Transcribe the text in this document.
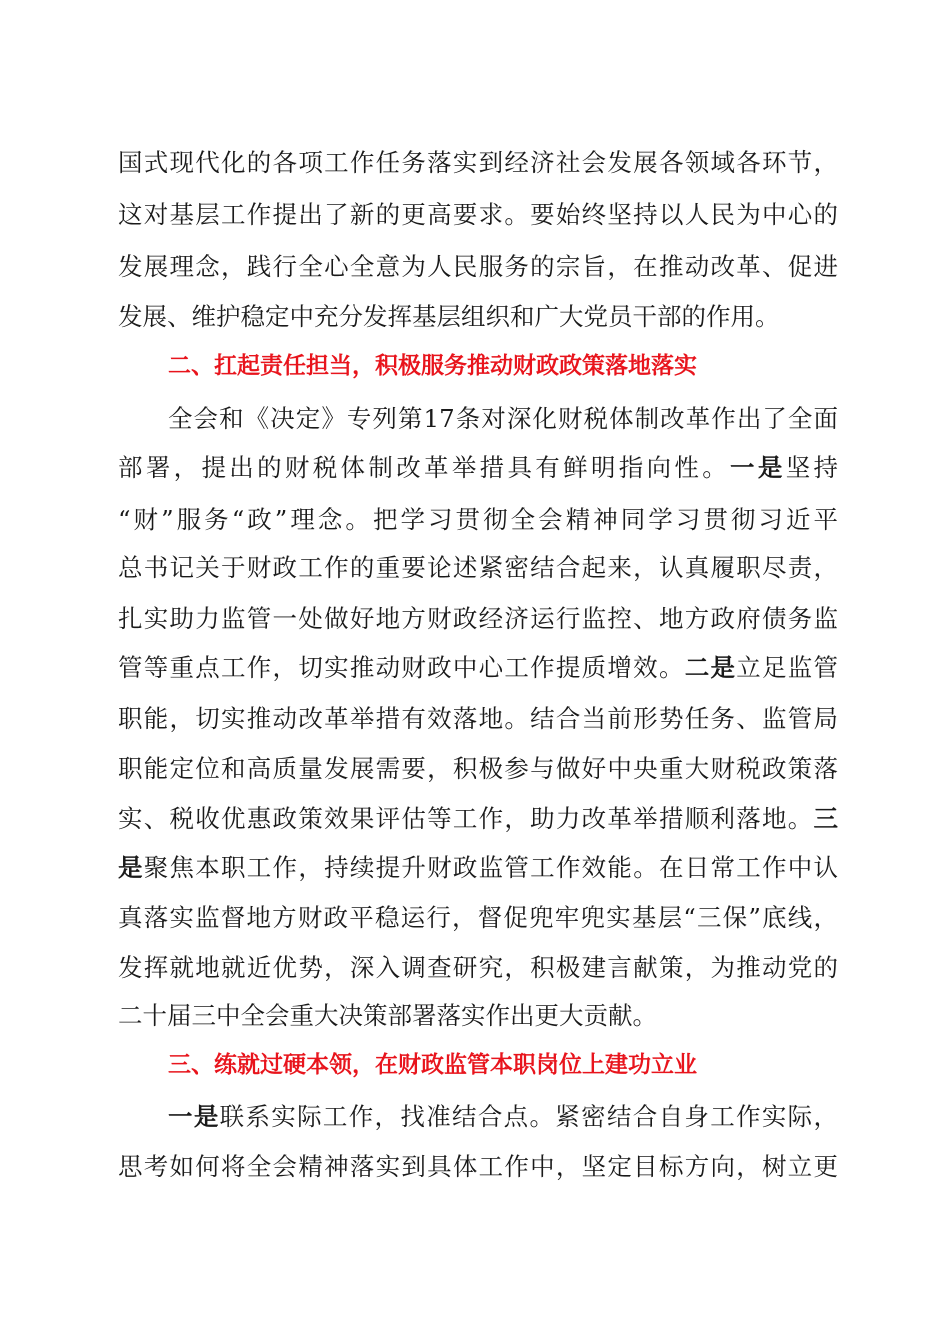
国式现代化的各项工作任务落实到经济社会发展各领域各环节，
这对基层工作提出了新的更高要求。要始终坚持以人民为中心的
发展理念，践行全心全意为人民服务的宗旨，在推动改革、促进
发展、维护稳定中充分发挥基层组织和广大党员干部的作用。
二、扛起责任担当，积极服务推动财政政策落地落实
全会和《决定》专列第17条对深化财税体制改革作出了全面
部署，提出的财税体制改革举措具有鲜明指向性。一是坚持
“财”服务“政”理念。把学习贯彻全会精神同学习贯彻习近平
总书记关于财政工作的重要论述紧密结合起来，认真履职尽责，
扎实助力监管一处做好地方财政经济运行监控、地方政府债务监
管等重点工作，切实推动财政中心工作提质增效。二是立足监管
职能，切实推动改革举措有效落地。结合当前形势任务、监管局
职能定位和高质量发展需要，积极参与做好中央重大财税政策落
实、税收优惠政策效果评估等工作，助力改革举措顺利落地。三
是聚焦本职工作，持续提升财政监管工作效能。在日常工作中认
真落实监督地方财政平稳运行，督促兜牢兜实基层“三保”底线，
发挥就地就近优势，深入调查研究，积极建言献策，为推动党的
二十届三中全会重大决策部署落实作出更大贡献。
三、练就过硬本领，在财政监管本职岗位上建功立业
一是联系实际工作，找准结合点。紧密结合自身工作实际，
思考如何将全会精神落实到具体工作中，坚定目标方向，树立更
